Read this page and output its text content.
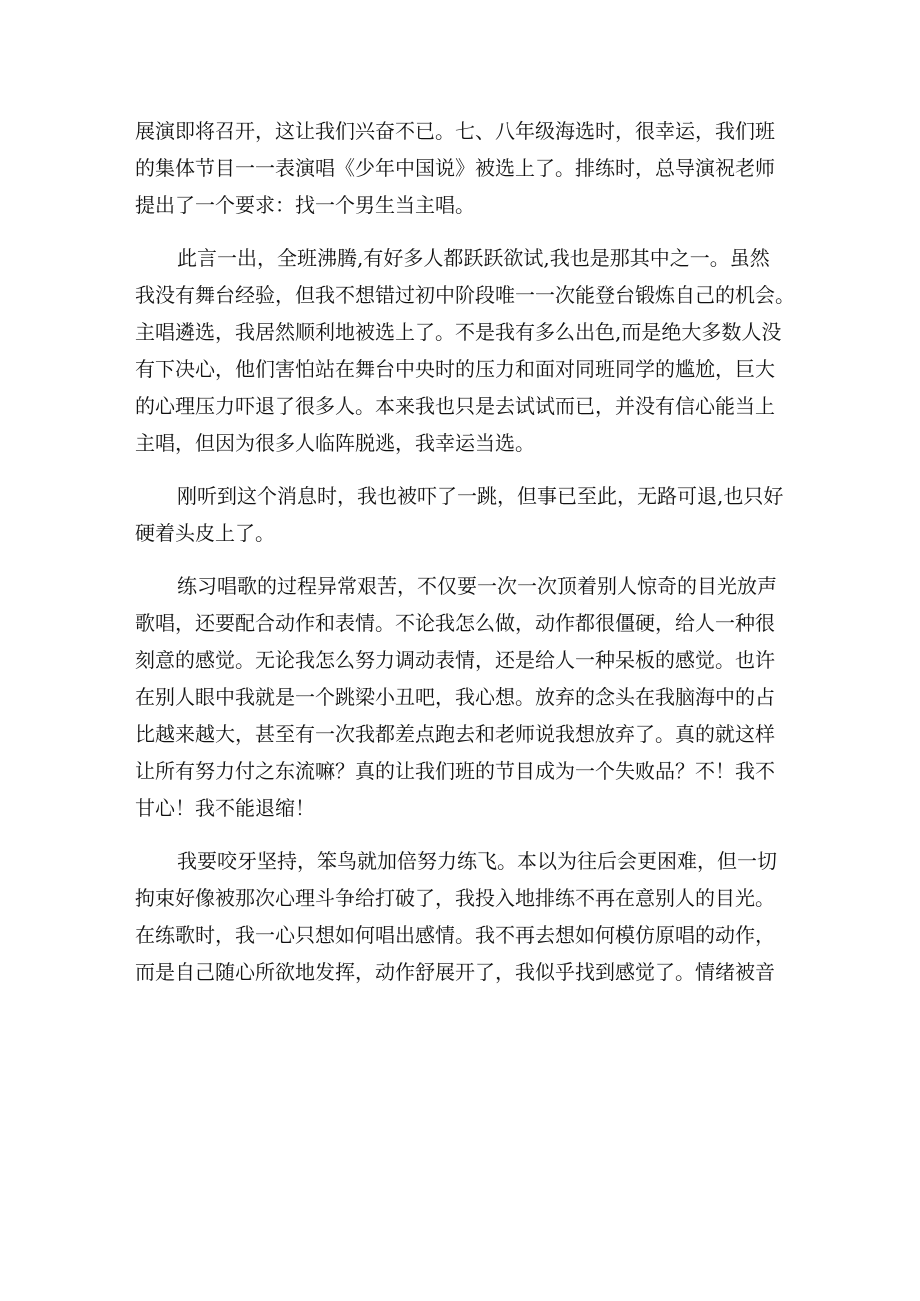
展演即将召开，这让我们兴奋不已。七、八年级海选时，很幸运，我们班
的集体节目一一表演唱《少年中国说》被选上了。排练时，总导演祝老师
提出了一个要求：找一个男生当主唱。
此言一出，全班沸腾,有好多人都跃跃欲试,我也是那其中之一。虽然
我没有舞台经验，但我不想错过初中阶段唯一一次能登台锻炼自己的机会。
主唱遴选，我居然顺利地被选上了。不是我有多么出色,而是绝大多数人没
有下决心，他们害怕站在舞台中央时的压力和面对同班同学的尴尬，巨大
的心理压力吓退了很多人。本来我也只是去试试而已，并没有信心能当上
主唱，但因为很多人临阵脱逃，我幸运当选。
刚听到这个消息时，我也被吓了一跳，但事已至此，无路可退,也只好
硬着头皮上了。
练习唱歌的过程异常艰苦，不仅要一次一次顶着别人惊奇的目光放声
歌唱，还要配合动作和表情。不论我怎么做，动作都很僵硬，给人一种很
刻意的感觉。无论我怎么努力调动表情，还是给人一种呆板的感觉。也许
在别人眼中我就是一个跳梁小丑吧，我心想。放弃的念头在我脑海中的占
比越来越大，甚至有一次我都差点跑去和老师说我想放弃了。真的就这样
让所有努力付之东流嘛？真的让我们班的节目成为一个失败品？不！我不
甘心！我不能退缩！
我要咬牙坚持，笨鸟就加倍努力练飞。本以为往后会更困难，但一切
拘束好像被那次心理斗争给打破了，我投入地排练不再在意别人的目光。
在练歌时，我一心只想如何唱出感情。我不再去想如何模仿原唱的动作，
而是自己随心所欲地发挥，动作舒展开了，我似乎找到感觉了。情绪被音
